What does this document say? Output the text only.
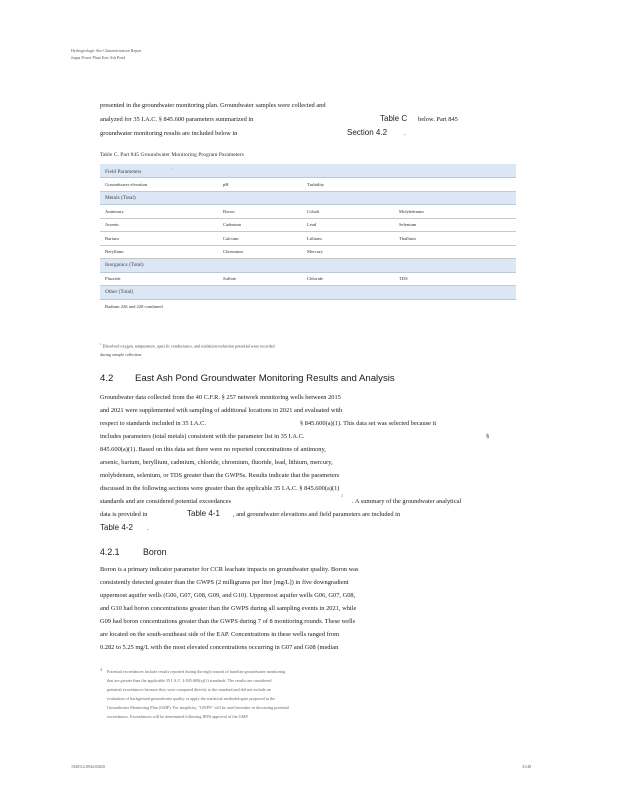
Hydrogeologic Site Characterization Report
Joppa Power Plant East Ash Pond
presented in the groundwater monitoring plan. Groundwater samples were collected and
analyzed for 35 I.A.C. § 845.600 parameters summarized in	Table C below. Part 845
groundwater monitoring results are included below in	Section 4.2	.
Table C. Part 845 Groundwater Monitoring Program Parameters
Field Parameters $^1$
Groundwater elevation	pH	Turbidity	
Metals (Total)			
Antimony	Boron	Cobalt	Molybdenum
Arsenic	Cadmium	Lead	Selenium
Barium	Calcium	Lithium	Thallium
Beryllium	Chromium	Mercury	
Inorganics (Total)			
Fluoride	Sulfate	Chloride	TDS
Other (Total)			
Radium 226 and 228 combined			
$^1$ Dissolved oxygen, temperature, specific conductance, and oxidation-reduction potential were recorded
during sample collection.
4.2 East Ash Pond Groundwater Monitoring Results and Analysis
Groundwater data collected from the 40 C.F.R. § 257 network monitoring wells between 2015
and 2021 were supplemented with sampling of additional locations in 2021 and evaluated with
respect to standards included in 35 I.A.C.	§ 845.600(a)(1). This data set was selected because it
includes parameters (total metals) consistent with the parameter list in 35 I.A.C.	§
845.600(a)(1). Based on this data set there were no reported concentrations of antimony,
arsenic, barium, beryllium, cadmium, chloride, chromium, fluoride, lead, lithium, mercury,
molybdenum, selenium, or TDS greater than the GWPSs. Results indicate that the parameters
discussed in the following sections were greater than the applicable 35 I.A.C. § 845.600(a)(1)
standards and are considered potential exceedances
4
. A summary of the groundwater analytical
data is provided in	Table 4-1 , and groundwater elevations and field parameters are included in
Table 4-2 .
4.2.1	Boron
Boron is a primary indicator parameter for CCR leachate impacts on groundwater quality. Boron was
consistently detected greater than the GWPS (2 milligrams per liter [mg/L]) in five downgradient
uppermost aquifer wells (G06, G07, G08, G09, and G10). Uppermost aquifer wells G06, G07, G08,
and G10 had boron concentrations greater than the GWPS during all sampling events in 2021, while
G09 had boron concentrations greater than the GWPS during 7 of 8 monitoring rounds. These wells
are located on the south-southeast side of the EAP. Concentrations in these wells ranged from
0.282 to 5.25 mg/L with the most elevated concentrations occurring in G07 and G08 (median
4 Potential exceedances include results reported during the eight rounds of baseline groundwater monitoring
that are greater than the applicable 35 I.A.C. § 845.600(a)(1) standards. The results are considered
potential exceedances because they were compared directly to the standard and did not include an
evaluation of background groundwater quality or apply the statistical methodologies proposed in the
Groundwater Monitoring Plan (GMP). For simplicity, "GWPS" will be used hereafter in discussing potential
exceedances. Exceedances will be determined following IEPA approval of the GMP.
1940112.0944.03020	31/48
